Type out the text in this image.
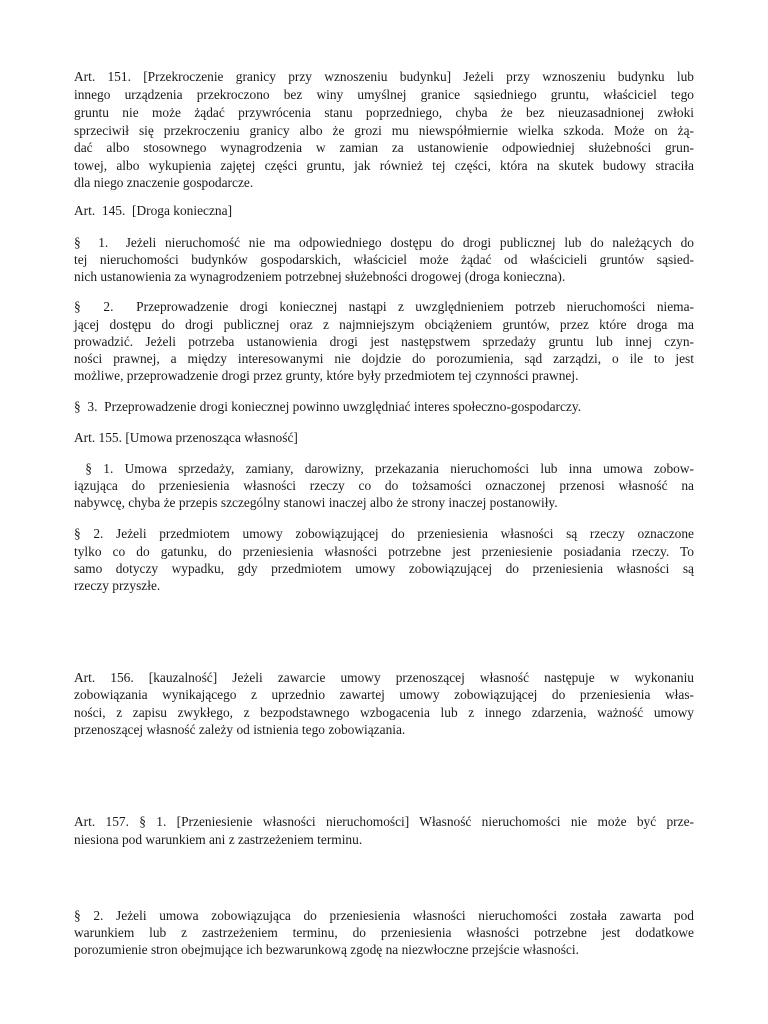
Art. 151. [Przekroczenie granicy przy wznoszeniu budynku] Jeżeli przy wznoszeniu budynku lub
innego urządzenia przekroczono bez winy umyślnej granice sąsiedniego gruntu, właściciel tego
gruntu nie może żądać przywrócenia stanu poprzedniego, chyba że bez nieuzasadnionej zwłoki
sprzeciwił się przekroczeniu granicy albo że grozi mu niewspółmiernie wielka szkoda. Może on żą-
dać albo stosownego wynagrodzenia w zamian za ustanowienie odpowiedniej służebności grun-
towej, albo wykupienia zajętej części gruntu, jak również tej części, która na skutek budowy straciła
dla niego znaczenie gospodarcze.
Art.  145.  [Droga konieczna]
§  1.  Jeżeli nieruchomość nie ma odpowiedniego dostępu do drogi publicznej lub do należących do
tej nieruchomości budynków gospodarskich, właściciel może żądać od właścicieli gruntów sąsied-
nich ustanowienia za wynagrodzeniem potrzebnej służebności drogowej (droga konieczna).
§  2.  Przeprowadzenie drogi koniecznej nastąpi z uwzględnieniem potrzeb nieruchomości niema-
jącej dostępu do drogi publicznej oraz z najmniejszym obciążeniem gruntów, przez które droga ma
prowadzić. Jeżeli potrzeba ustanowienia drogi jest następstwem sprzedaży gruntu lub innej czyn-
ności prawnej, a między interesowanymi nie dojdzie do porozumienia, sąd zarządzi, o ile to jest
możliwe, przeprowadzenie drogi przez grunty, które były przedmiotem tej czynności prawnej.
§  3.  Przeprowadzenie drogi koniecznej powinno uwzględniać interes społeczno-gospodarczy.
Art. 155. [Umowa przenosząca własność]
§ 1. Umowa sprzedaży, zamiany, darowizny, przekazania nieruchomości lub inna umowa zobow-
iązująca do przeniesienia własności rzeczy co do tożsamości oznaczonej przenosi własność na
nabywcę, chyba że przepis szczególny stanowi inaczej albo że strony inaczej postanowiły.
§ 2. Jeżeli przedmiotem umowy zobowiązującej do przeniesienia własności są rzeczy oznaczone
tylko co do gatunku, do przeniesienia własności potrzebne jest przeniesienie posiadania rzeczy. To
samo dotyczy wypadku, gdy przedmiotem umowy zobowiązującej do przeniesienia własności są
rzeczy przyszłe.
Art. 156. [kauzalność] Jeżeli zawarcie umowy przenoszącej własność następuje w wykonaniu
zobowiązania wynikającego z uprzednio zawartej umowy zobowiązującej do przeniesienia włas-
ności, z zapisu zwykłego, z bezpodstawnego wzbogacenia lub z innego zdarzenia, ważność umowy
przenoszącej własność zależy od istnienia tego zobowiązania.
Art. 157. § 1. [Przeniesienie własności nieruchomości] Własność nieruchomości nie może być prze-
niesiona pod warunkiem ani z zastrzeżeniem terminu.
§ 2. Jeżeli umowa zobowiązująca do przeniesienia własności nieruchomości została zawarta pod
warunkiem lub z zastrzeżeniem terminu, do przeniesienia własności potrzebne jest dodatkowe
porozumienie stron obejmujące ich bezwarunkową zgodę na niezwłoczne przejście własności.
